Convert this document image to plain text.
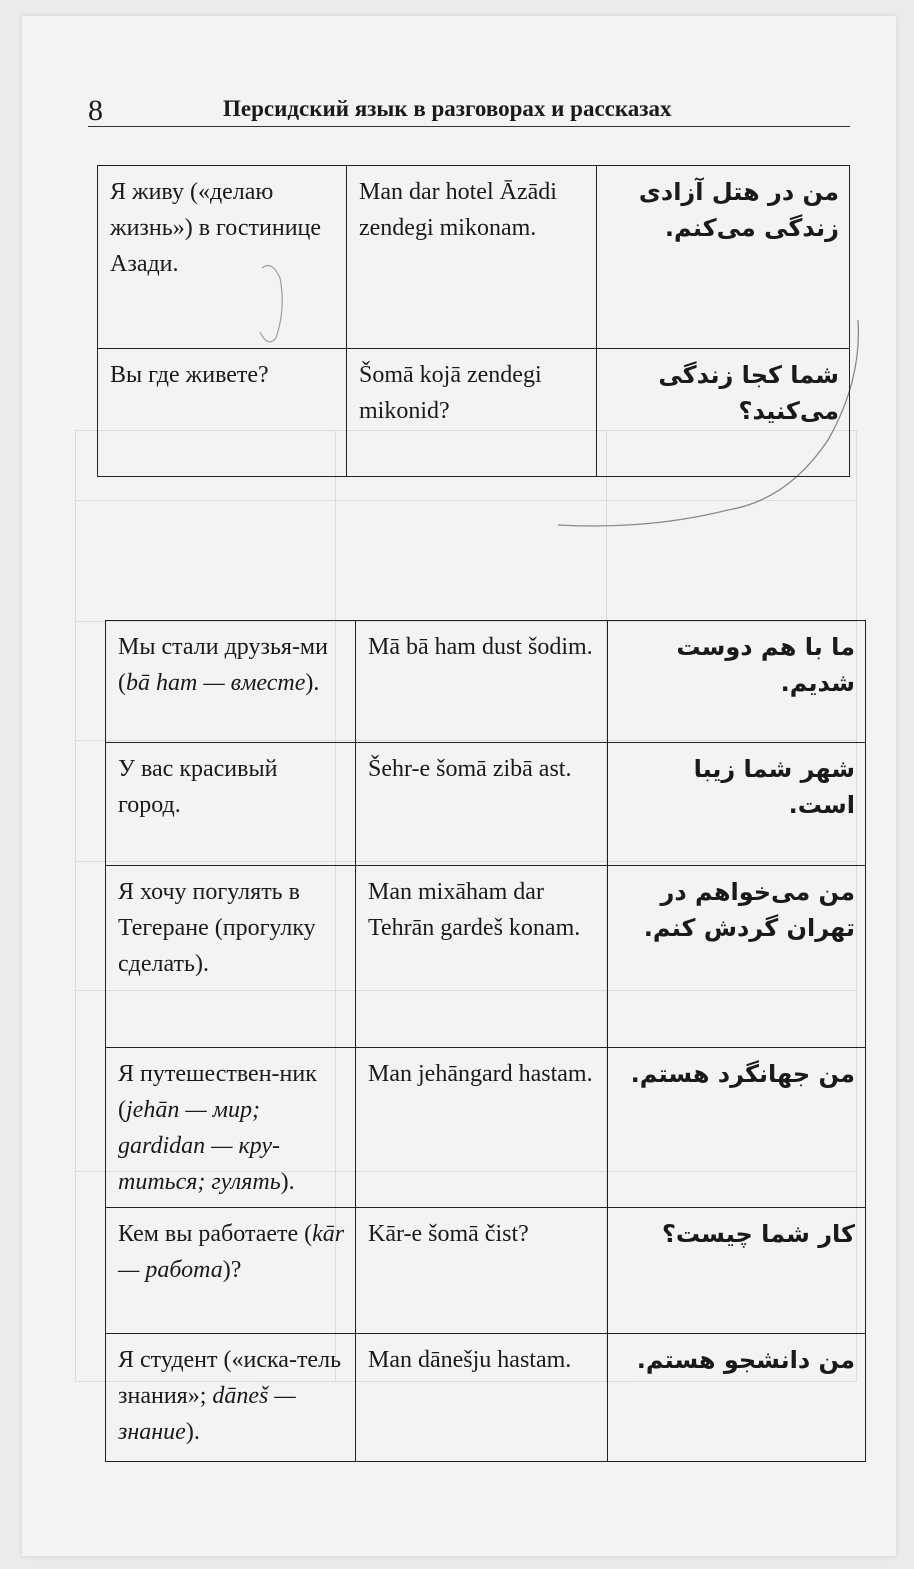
8	Персидский язык в разговорах и рассказах
Я живу («делаю жизнь») в гостинице Азади.	Man dar hotel Āzādi zendegi mikonam.	من در هتل آزادی زندگی می‌کنم.
Вы где живете?	Šomā kojā zendegi mikonid?	شما کجا زندگی می‌کنید؟
Мы стали друзья-ми (bā ham — вместе).	Mā bā ham dust šodim.	ما با هم دوست شدیم.
У вас красивый город.	Šehr-e šomā zibā ast.	شهر شما زیبا است.
Я хочу погулять в Тегеране (прогулку сделать).	Man mixāham dar Tehrān gardeš konam.	من می‌خواهم در تهران گردش کنم.
Я путешествен-ник (jehān — мир; gardidan — кру-титься; гулять).	Man jehāngard hastam.	من جهانگرد هستم.
Кем вы работаете (kār — работа)?	Kār-e šomā čist?	کار شما چیست؟
Я студент («иска-тель знания»; dāneš — знание).	Man dānešju hastam.	من دانشجو هستم.
